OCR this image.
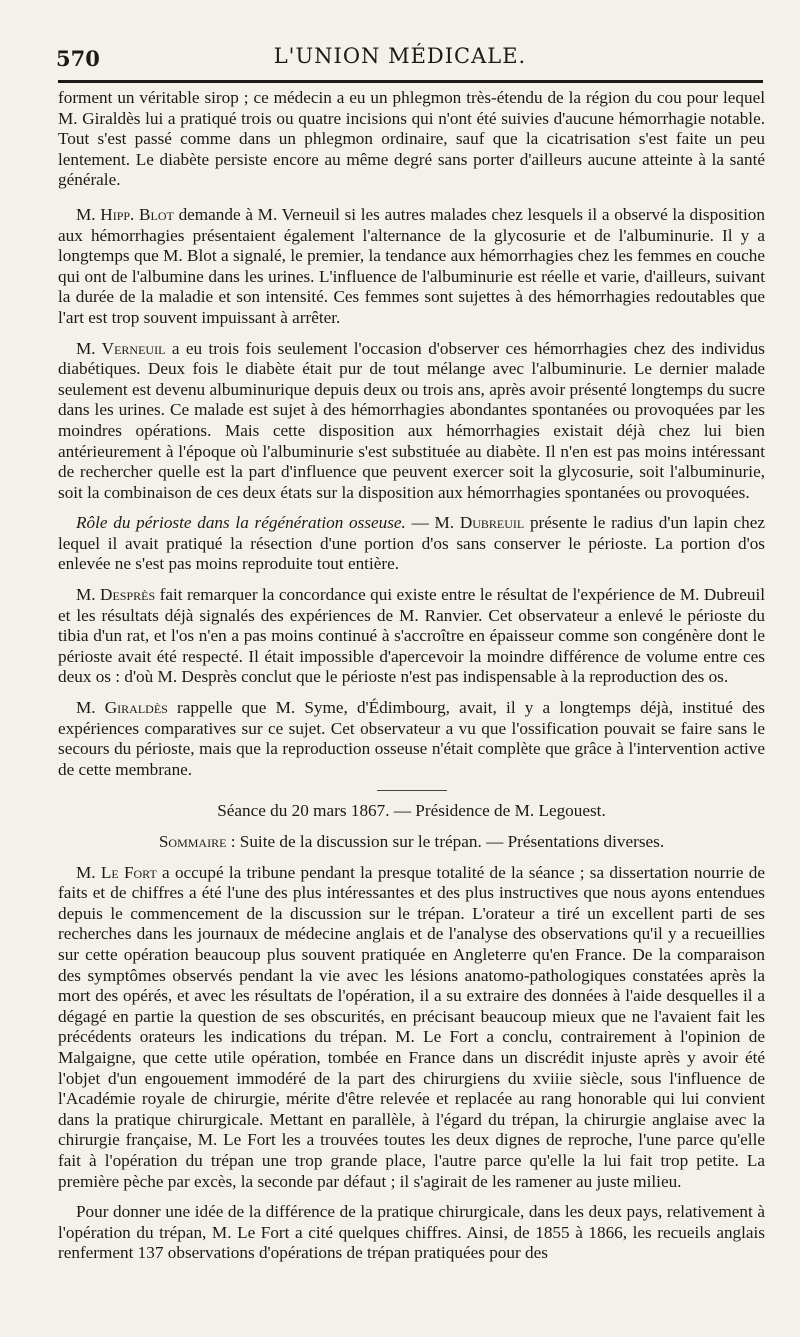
570	L'UNION MÉDICALE.

forment un véritable sirop ; ce médecin a eu un phlegmon très-étendu de la région du cou pour lequel M. Giraldès lui a pratiqué trois ou quatre incisions qui n'ont été suivies d'aucune hémorrhagie notable. Tout s'est passé comme dans un phlegmon ordinaire, sauf que la cicatrisation s'est faite un peu lentement. Le diabète persiste encore au même degré sans porter d'ailleurs aucune atteinte à la santé générale.

M. Hipp. Blot demande à M. Verneuil si les autres malades chez lesquels il a observé la disposition aux hémorrhagies présentaient également l'alternance de la glycosurie et de l'albuminurie. Il y a longtemps que M. Blot a signalé, le premier, la tendance aux hémorrhagies chez les femmes en couche qui ont de l'albumine dans les urines. L'influence de l'albuminurie est réelle et varie, d'ailleurs, suivant la durée de la maladie et son intensité. Ces femmes sont sujettes à des hémorrhagies redoutables que l'art est trop souvent impuissant à arrêter.

M. Verneuil a eu trois fois seulement l'occasion d'observer ces hémorrhagies chez des individus diabétiques. Deux fois le diabète était pur de tout mélange avec l'albuminurie. Le dernier malade seulement est devenu albuminurique depuis deux ou trois ans, après avoir présenté longtemps du sucre dans les urines. Ce malade est sujet à des hémorrhagies abondantes spontanées ou provoquées par les moindres opérations. Mais cette disposition aux hémorrhagies existait déjà chez lui bien antérieurement à l'époque où l'albuminurie s'est substituée au diabète. Il n'en est pas moins intéressant de rechercher quelle est la part d'influence que peuvent exercer soit la glycosurie, soit l'albuminurie, soit la combinaison de ces deux états sur la disposition aux hémorrhagies spontanées ou provoquées.

Rôle du périoste dans la régénération osseuse. — M. Dubreuil présente le radius d'un lapin chez lequel il avait pratiqué la résection d'une portion d'os sans conserver le périoste. La portion d'os enlevée ne s'est pas moins reproduite tout entière.

M. Desprès fait remarquer la concordance qui existe entre le résultat de l'expérience de M. Dubreuil et les résultats déjà signalés des expériences de M. Ranvier. Cet observateur a enlevé le périoste du tibia d'un rat, et l'os n'en a pas moins continué à s'accroître en épaisseur comme son congénère dont le périoste avait été respecté. Il était impossible d'apercevoir la moindre différence de volume entre ces deux os : d'où M. Desprès conclut que le périoste n'est pas indispensable à la reproduction des os.

M. Giraldès rappelle que M. Syme, d'Édimbourg, avait, il y a longtemps déjà, institué des expériences comparatives sur ce sujet. Cet observateur a vu que l'ossification pouvait se faire sans le secours du périoste, mais que la reproduction osseuse n'était complète que grâce à l'intervention active de cette membrane.

Séance du 20 mars 1867. — Présidence de M. Legouest.

Sommaire : Suite de la discussion sur le trépan. — Présentations diverses.

M. Le Fort a occupé la tribune pendant la presque totalité de la séance ; sa dissertation nourrie de faits et de chiffres a été l'une des plus intéressantes et des plus instructives que nous ayons entendues depuis le commencement de la discussion sur le trépan. L'orateur a tiré un excellent parti de ses recherches dans les journaux de médecine anglais et de l'analyse des observations qu'il y a recueillies sur cette opération beaucoup plus souvent pratiquée en Angleterre qu'en France. De la comparaison des symptômes observés pendant la vie avec les lésions anatomo-pathologiques constatées après la mort des opérés, et avec les résultats de l'opération, il a su extraire des données à l'aide desquelles il a dégagé en partie la question de ses obscurités, en précisant beaucoup mieux que ne l'avaient fait les précédents orateurs les indications du trépan. M. Le Fort a conclu, contrairement à l'opinion de Malgaigne, que cette utile opération, tombée en France dans un discrédit injuste après y avoir été l'objet d'un engouement immodéré de la part des chirurgiens du xviiie siècle, sous l'influence de l'Académie royale de chirurgie, mérite d'être relevée et replacée au rang honorable qui lui convient dans la pratique chirurgicale. Mettant en parallèle, à l'égard du trépan, la chirurgie anglaise avec la chirurgie française, M. Le Fort les a trouvées toutes les deux dignes de reproche, l'une parce qu'elle fait à l'opération du trépan une trop grande place, l'autre parce qu'elle la lui fait trop petite. La première pèche par excès, la seconde par défaut ; il s'agirait de les ramener au juste milieu.

Pour donner une idée de la différence de la pratique chirurgicale, dans les deux pays, relativement à l'opération du trépan, M. Le Fort a cité quelques chiffres. Ainsi, de 1855 à 1866, les recueils anglais renferment 137 observations d'opérations de trépan pratiquées pour des
